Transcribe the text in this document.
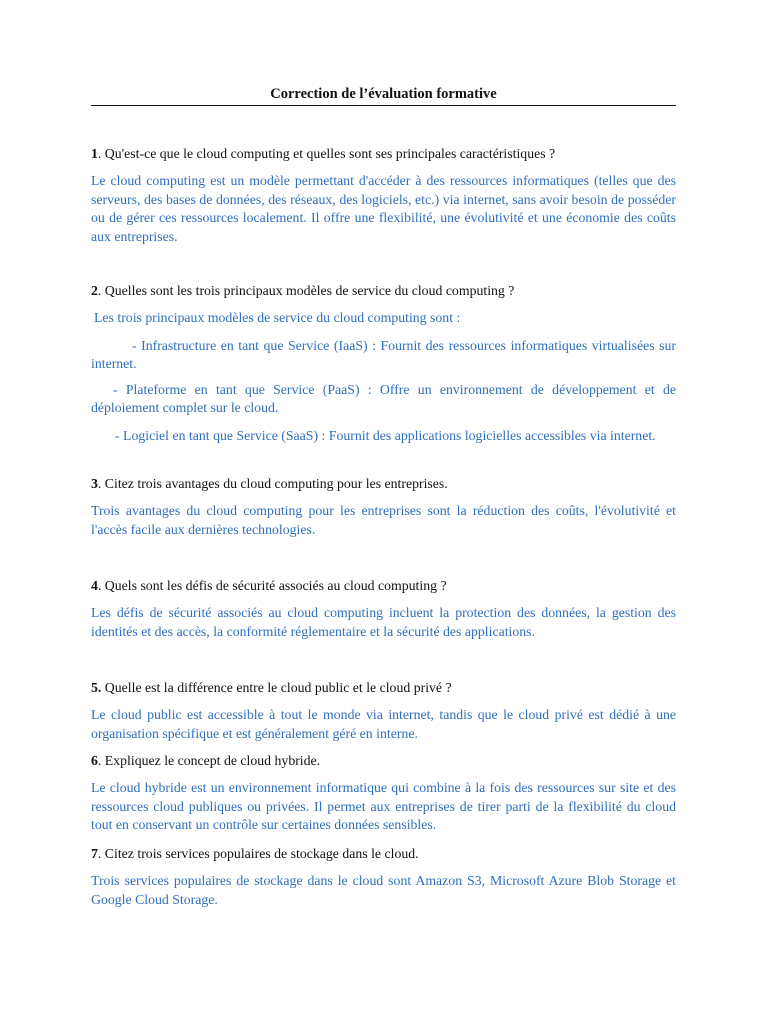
Correction de l’évaluation formative

1. Qu'est-ce que le cloud computing et quelles sont ses principales caractéristiques ?

Le cloud computing est un modèle permettant d'accéder à des ressources informatiques (telles que des serveurs, des bases de données, des réseaux, des logiciels, etc.) via internet, sans avoir besoin de posséder ou de gérer ces ressources localement. Il offre une flexibilité, une évolutivité et une économie des coûts aux entreprises.

2. Quelles sont les trois principaux modèles de service du cloud computing ?

Les trois principaux modèles de service du cloud computing sont :

- Infrastructure en tant que Service (IaaS) : Fournit des ressources informatiques virtualisées sur internet.

- Plateforme en tant que Service (PaaS) : Offre un environnement de développement et de déploiement complet sur le cloud.

- Logiciel en tant que Service (SaaS) : Fournit des applications logicielles accessibles via internet.

3. Citez trois avantages du cloud computing pour les entreprises.

Trois avantages du cloud computing pour les entreprises sont la réduction des coûts, l'évolutivité et l'accès facile aux dernières technologies.

4. Quels sont les défis de sécurité associés au cloud computing ?

Les défis de sécurité associés au cloud computing incluent la protection des données, la gestion des identités et des accès, la conformité réglementaire et la sécurité des applications.

5. Quelle est la différence entre le cloud public et le cloud privé ?

Le cloud public est accessible à tout le monde via internet, tandis que le cloud privé est dédié à une organisation spécifique et est généralement géré en interne.

6. Expliquez le concept de cloud hybride.

Le cloud hybride est un environnement informatique qui combine à la fois des ressources sur site et des ressources cloud publiques ou privées. Il permet aux entreprises de tirer parti de la flexibilité du cloud tout en conservant un contrôle sur certaines données sensibles.

7. Citez trois services populaires de stockage dans le cloud.

Trois services populaires de stockage dans le cloud sont Amazon S3, Microsoft Azure Blob Storage et Google Cloud Storage.
